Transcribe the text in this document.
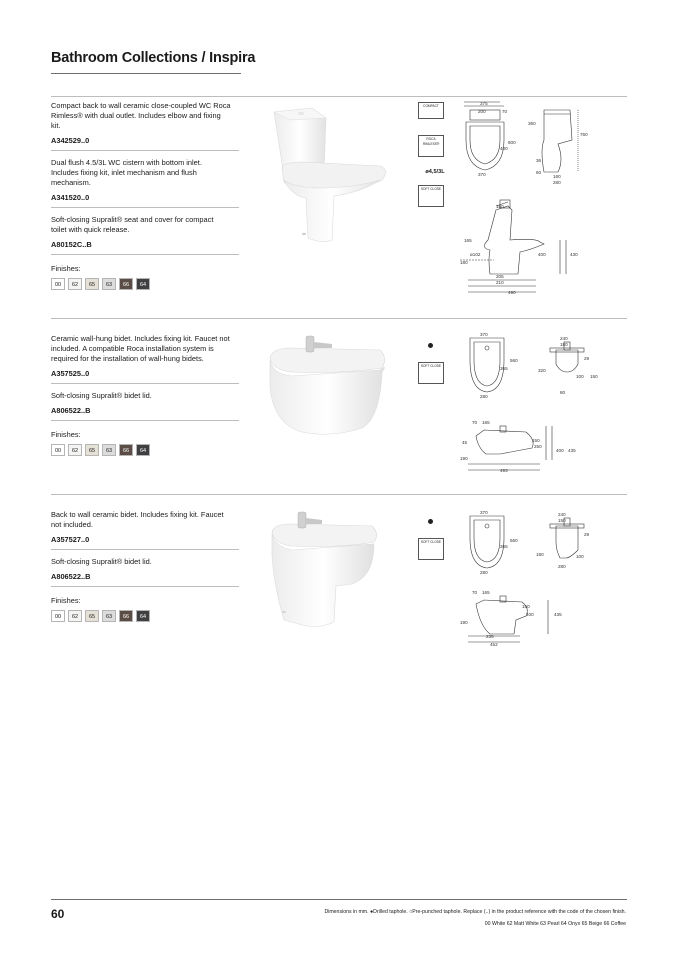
Bathroom Collections / Inspira
Compact back to wall ceramic close-coupled WC Roca Rimless® with dual outlet. Includes elbow and fixing kit.
A342529..0
Dual flush 4.5/3L WC cistern with bottom inlet. Includes fixing kit, inlet mechanism and flush mechanism.
A341520..0
Soft-closing Supralit® seat and cover for compact toilet with quick release.
A80152C..B
Finishes:
00	62	65	63	66	64
COMPACT
ROCA RIMLESS®
ø4,5/3L
SOFT CLOSE
375
200	70
360
760
600
400
370
36
60
160
280
150
165
ø102
180
400	430
205
210
490
Ceramic wall-hung bidet. Includes fixing kit. Faucet not included. A compatible Roca installation system is required for the installation of wall-hung bidets.
A357525..0
Soft-closing Supralit® bidet lid.
A806522..B
Finishes:
00	62	65	63	66	64
SOFT CLOSE
370
560
365
280
240
180
29
320
100 150
80
70 165
45	150
250
400 435
190
493
Back to wall ceramic bidet. Includes fixing kit. Faucet not included.
A357527..0
Soft-closing Supralit® bidet lid.
A806522..B
Finishes:
00	62	65	63	66	64
SOFT CLOSE
370
560
365
280
240
150
29
180	100
280
70 165
150
400	435
190
235
452
60	Dimensions in mm. ●Drilled taphole. ○Pre-punched taphole. Replace (..) in the product reference with the code of the chosen finish.
00 White 62 Matt White 63 Pearl 64 Onyx 65 Beige 66 Coffee
